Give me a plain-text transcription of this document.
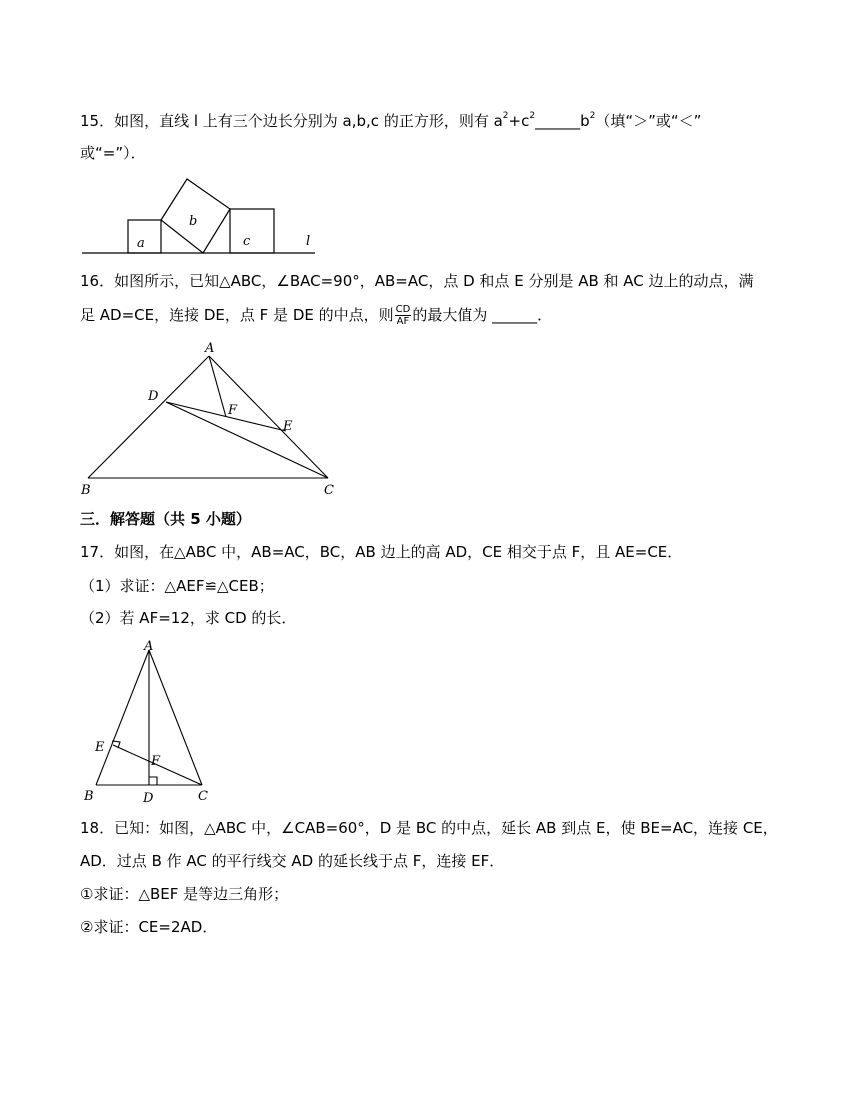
15．如图，直线 l 上有三个边长分别为 a,b,c 的正方形，则有 $a^2+c^2\_\_\_\_\_\_b^2$（填“＞”或“＜”
或“=”）．
a
b
c	l
16．如图所示，已知△ABC，∠BAC=90°，AB=AC，点 D 和点 E 分别是 AB 和 AC 边上的动点，满
足 AD=CE，连接 DE，点 F 是 DE 的中点，则 $\frac{CD}{AF}$ 的最大值为 ______．
A
D
F
E
B	C
三．解答题（共 5 小题）
17．如图，在△ABC 中，AB=AC，BC，AB 边上的高 AD，CE 相交于点 F，且 AE=CE．
（1）求证：△AEF≌△CEB；
（2）若 AF=12，求 CD 的长．
A
E
F
B	D	C
18．已知：如图，△ABC 中，∠CAB=60°，D 是 BC 的中点，延长 AB 到点 E，使 BE=AC，连接 CE，
AD．过点 B 作 AC 的平行线交 AD 的延长线于点 F，连接 EF．
①求证：△BEF 是等边三角形；
②求证：CE=2AD．
